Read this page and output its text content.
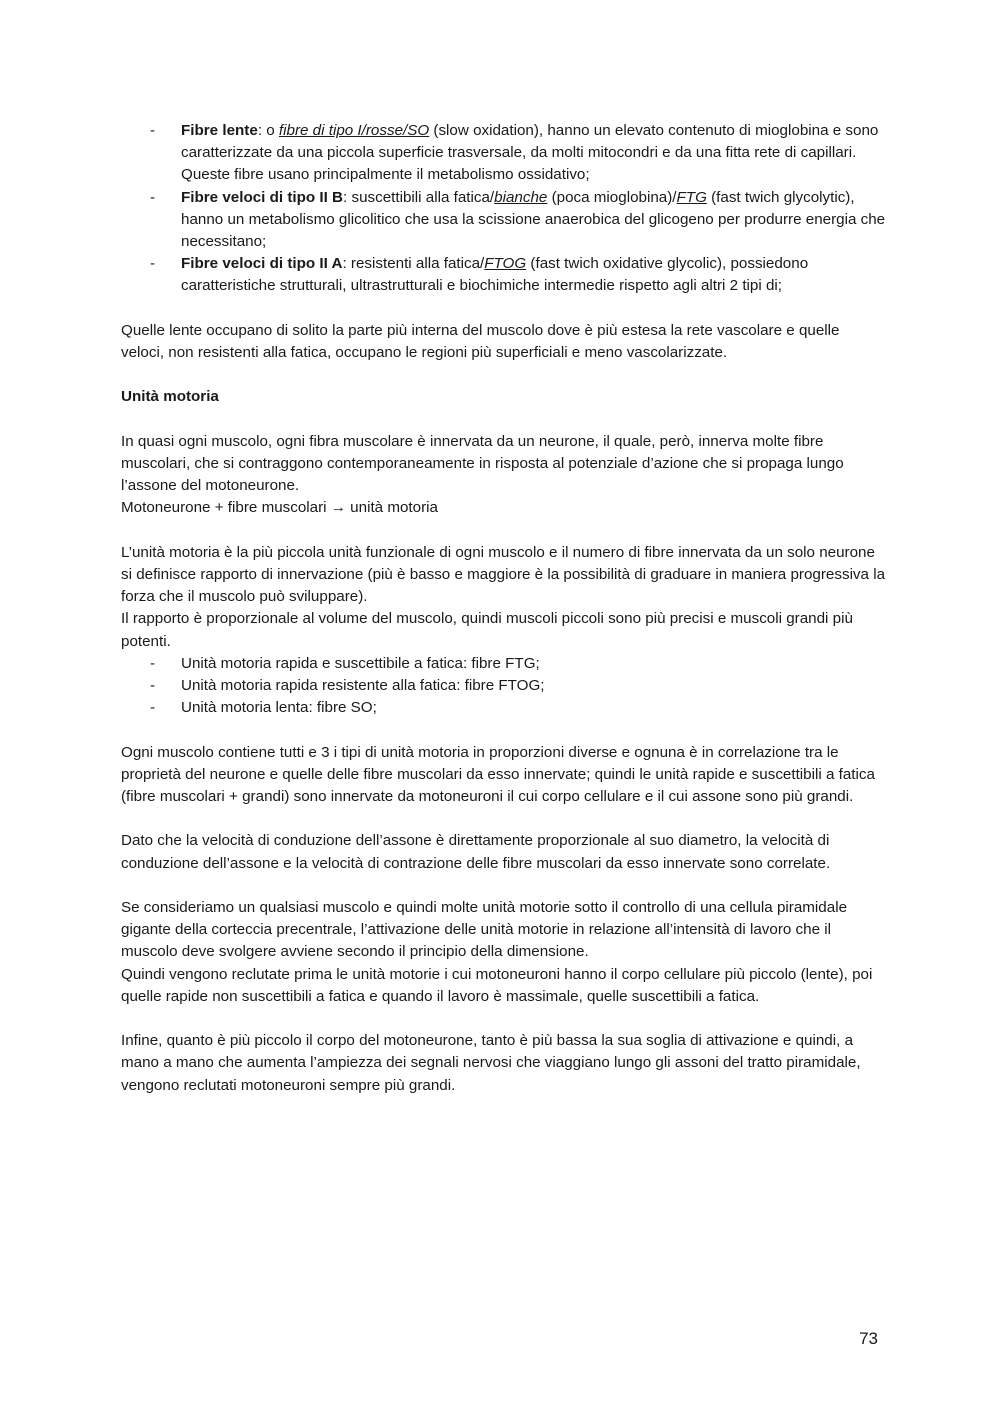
- Fibre lente: o fibre di tipo I/rosse/SO (slow oxidation), hanno un elevato contenuto di mioglobina e sono caratterizzate da una piccola superficie trasversale, da molti mitocondri e da una fitta rete di capillari.
Queste fibre usano principalmente il metabolismo ossidativo;
- Fibre veloci di tipo II B: suscettibili alla fatica/bianche (poca mioglobina)/FTG (fast twich glycolytic), hanno un metabolismo glicolitico che usa la scissione anaerobica del glicogeno per produrre energia che necessitano;
- Fibre veloci di tipo II A: resistenti alla fatica/FTOG (fast twich oxidative glycolic), possiedono caratteristiche strutturali, ultrastrutturali e biochimiche intermedie rispetto agli altri 2 tipi di;

Quelle lente occupano di solito la parte più interna del muscolo dove è più estesa la rete vascolare e quelle veloci, non resistenti alla fatica, occupano le regioni più superficiali e meno vascolarizzate.

Unità motoria

In quasi ogni muscolo, ogni fibra muscolare è innervata da un neurone, il quale, però, innerva molte fibre muscolari, che si contraggono contemporaneamente in risposta al potenziale d’azione che si propaga lungo l’assone del motoneurone.

Motoneurone + fibre muscolari → unità motoria

L’unità motoria è la più piccola unità funzionale di ogni muscolo e il numero di fibre innervata da un solo neurone si definisce rapporto di innervazione (più è basso e maggiore è la possibilità di graduare in maniera progressiva la forza che il muscolo può sviluppare).

Il rapporto è proporzionale al volume del muscolo, quindi muscoli piccoli sono più precisi e muscoli grandi più potenti.

- Unità motoria rapida e suscettibile a fatica: fibre FTG;
- Unità motoria rapida resistente alla fatica: fibre FTOG;
- Unità motoria lenta: fibre SO;

Ogni muscolo contiene tutti e 3 i tipi di unità motoria in proporzioni diverse e ognuna è in correlazione tra le proprietà del neurone e quelle delle fibre muscolari da esso innervate; quindi le unità rapide e suscettibili a fatica (fibre muscolari + grandi) sono innervate da motoneuroni il cui corpo cellulare e il cui assone sono più grandi.

Dato che la velocità di conduzione dell’assone è direttamente proporzionale al suo diametro, la velocità di conduzione dell’assone e la velocità di contrazione delle fibre muscolari da esso innervate sono correlate.

Se consideriamo un qualsiasi muscolo e quindi molte unità motorie sotto il controllo di una cellula piramidale gigante della corteccia precentrale, l’attivazione delle unità motorie in relazione all’intensità di lavoro che il muscolo deve svolgere avviene secondo il principio della dimensione.

Quindi vengono reclutate prima le unità motorie i cui motoneuroni hanno il corpo cellulare più piccolo (lente), poi quelle rapide non suscettibili a fatica e quando il lavoro è massimale, quelle suscettibili a fatica.

Infine, quanto è più piccolo il corpo del motoneurone, tanto è più bassa la sua soglia di attivazione e quindi, a mano a mano che aumenta l’ampiezza dei segnali nervosi che viaggiano lungo gli assoni del tratto piramidale, vengono reclutati motoneuroni sempre più grandi.

73
